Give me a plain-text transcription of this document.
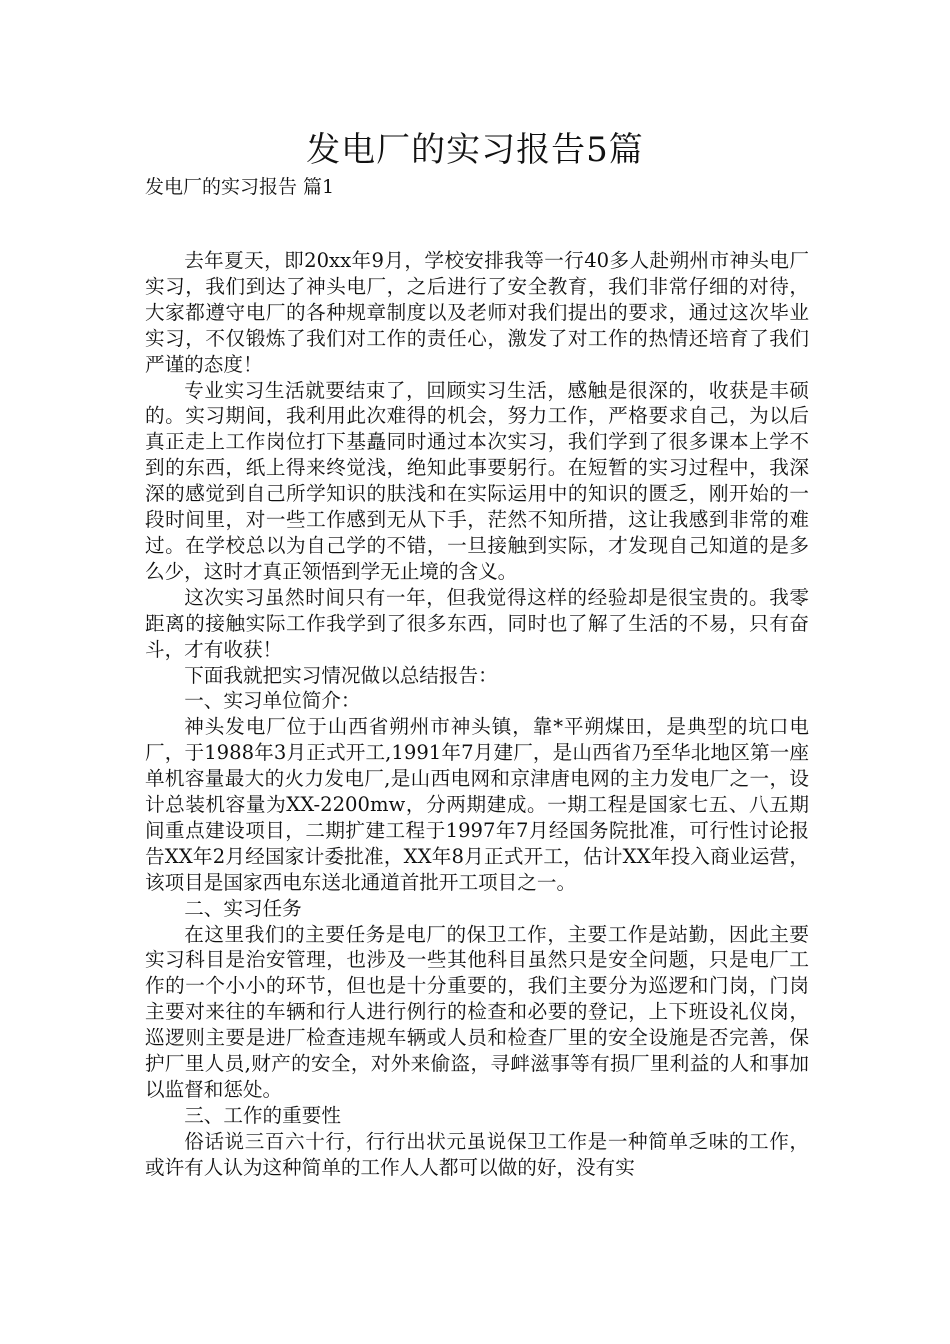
发电厂的实习报告5篇
发电厂的实习报告 篇1

去年夏天，即20xx年9月，学校安排我等一行40多人赴朔州市神头电厂实习，我们到达了神头电厂，之后进行了安全教育，我们非常仔细的对待，大家都遵守电厂的各种规章制度以及老师对我们提出的要求，通过这次毕业实习，不仅锻炼了我们对工作的责任心，激发了对工作的热情还培育了我们严谨的态度！

专业实习生活就要结束了，回顾实习生活，感触是很深的，收获是丰硕的。实习期间，我利用此次难得的机会，努力工作，严格要求自己，为以后真正走上工作岗位打下基矗同时通过本次实习，我们学到了很多课本上学不到的东西，纸上得来终觉浅，绝知此事要躬行。在短暂的实习过程中，我深深的感觉到自己所学知识的肤浅和在实际运用中的知识的匮乏，刚开始的一段时间里，对一些工作感到无从下手，茫然不知所措，这让我感到非常的难过。在学校总以为自己学的不错，一旦接触到实际，才发现自己知道的是多么少，这时才真正领悟到学无止境的含义。

这次实习虽然时间只有一年，但我觉得这样的经验却是很宝贵的。我零距离的接触实际工作我学到了很多东西，同时也了解了生活的不易，只有奋斗，才有收获！

下面我就把实习情况做以总结报告：

一、实习单位简介：

神头发电厂位于山西省朔州市神头镇，靠*平朔煤田，是典型的坑口电厂，于1988年3月正式开工,1991年7月建厂，是山西省乃至华北地区第一座单机容量最大的火力发电厂,是山西电网和京津唐电网的主力发电厂之一，设计总装机容量为XX-2200mw，分两期建成。一期工程是国家七五、八五期间重点建设项目，二期扩建工程于1997年7月经国务院批准，可行性讨论报告XX年2月经国家计委批准，XX年8月正式开工，估计XX年投入商业运营，该项目是国家西电东送北通道首批开工项目之一。

二、实习任务

在这里我们的主要任务是电厂的保卫工作，主要工作是站勤，因此主要实习科目是治安管理，也涉及一些其他科目虽然只是安全问题，只是电厂工作的一个小小的环节，但也是十分重要的，我们主要分为巡逻和门岗，门岗主要对来往的车辆和行人进行例行的检查和必要的登记，上下班设礼仪岗，巡逻则主要是进厂检查违规车辆或人员和检查厂里的安全设施是否完善，保护厂里人员,财产的安全，对外来偷盗，寻衅滋事等有损厂里利益的人和事加以监督和惩处。

三、工作的重要性

俗话说三百六十行，行行出状元虽说保卫工作是一种简单乏味的工作，或许有人认为这种简单的工作人人都可以做的好，没有实
